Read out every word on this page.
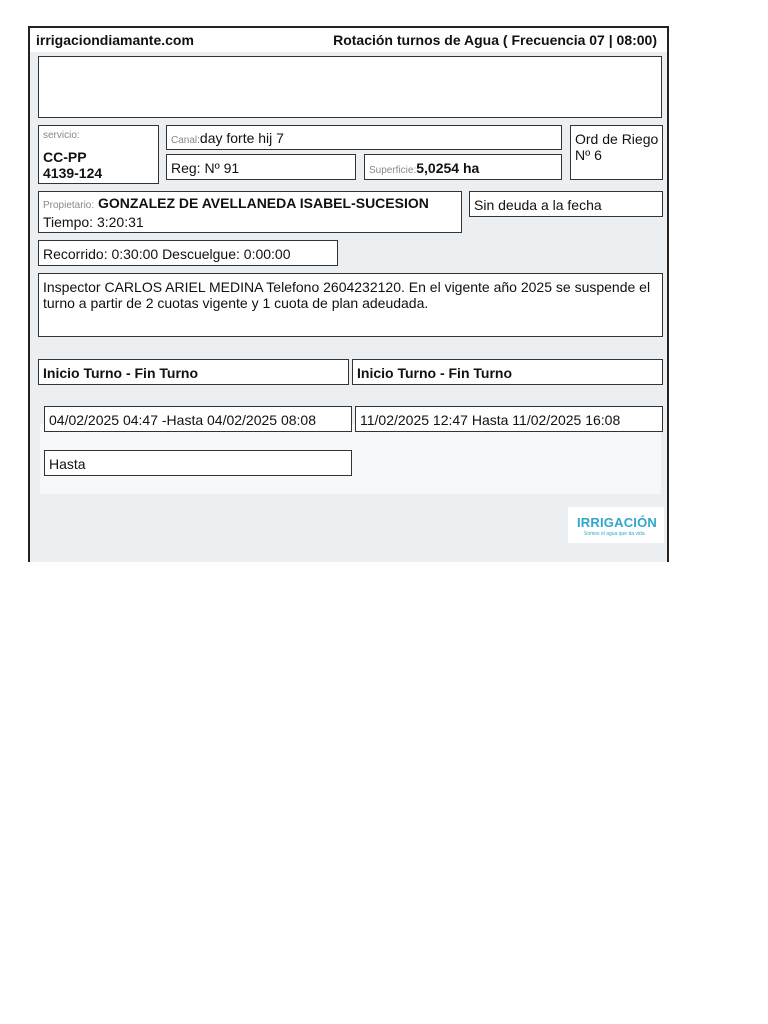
irrigaciondiamante.com	Rotación turnos de Agua ( Frecuencia 07 | 08:00)
servicio:
CC-PP
4139-124
Canal:day forte hij 7
Reg: Nº 91	Superficie:5,0254 ha
Ord de Riego
Nº 6
Propietario: GONZALEZ DE AVELLANEDA ISABEL-SUCESION
Tiempo: 3:20:31
Sin deuda a la fecha
Recorrido: 0:30:00 Descuelgue: 0:00:00
Inspector CARLOS ARIEL MEDINA Telefono 2604232120. En el vigente año 2025 se suspende el turno a partir de 2 cuotas vigente y 1 cuota de plan adeudada.
Inicio Turno - Fin Turno	Inicio Turno - Fin Turno
04/02/2025 04:47 -Hasta 04/02/2025 08:08	11/02/2025 12:47 Hasta 11/02/2025 16:08
Hasta
IRRIGACIÓN
Somos el agua que da vida
